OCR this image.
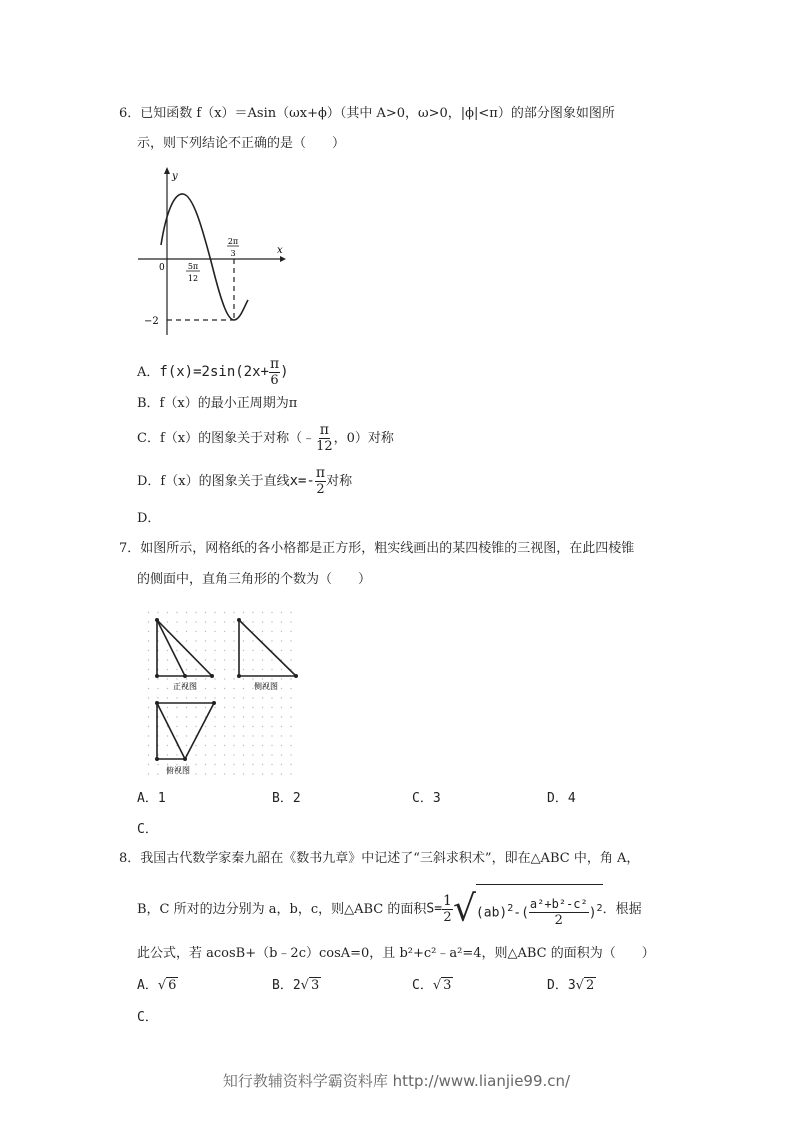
6．已知函数 f（x）＝Asin（ωx+ϕ）（其中 A>0，ω>0，|ϕ|<π）的部分图象如图所
示，则下列结论不正确的是（　　）
y
x
0	5π
12
2π
3
−2
A．$f(x)=2\sin(2x+ \frac{\pi}{6}$ )
B．f（x）的最小正周期为π
C．f（x）的图象关于对称（﹣ $\frac{\pi}{12}$ ，0）对称
D．f（x）的图象关于直线$x=- \frac{\pi}{2}$ 对称
D．
7．如图所示，网格纸的各小格都是正方形，粗实线画出的某四棱锥的三视图，在此四棱锥
的侧面中，直角三角形的个数为（　　）
正视图	侧视图
俯视图
A．1	B．2	C．3	D．4
C．
8．我国古代数学家秦九韶在《数书九章》中记述了“三斜求积术”，即在△ABC 中，角 A，
B，C 所对的边分别为 a，b，c，则△ABC 的面积$S= \frac{1}{2} √(ab)^2-( \frac{\text{a²+b²-c²}}{2} )^2$．根据
此公式，若 acosB+（b﹣2c）cosA=0，且 b²+c²﹣a²=4，则△ABC 的面积为（　　）
A．√ 6	B．2√ 3	C．√ 3	D．3√ 2
C．
知行教辅资料学霸资料库 http://www.lianjie99.cn/
